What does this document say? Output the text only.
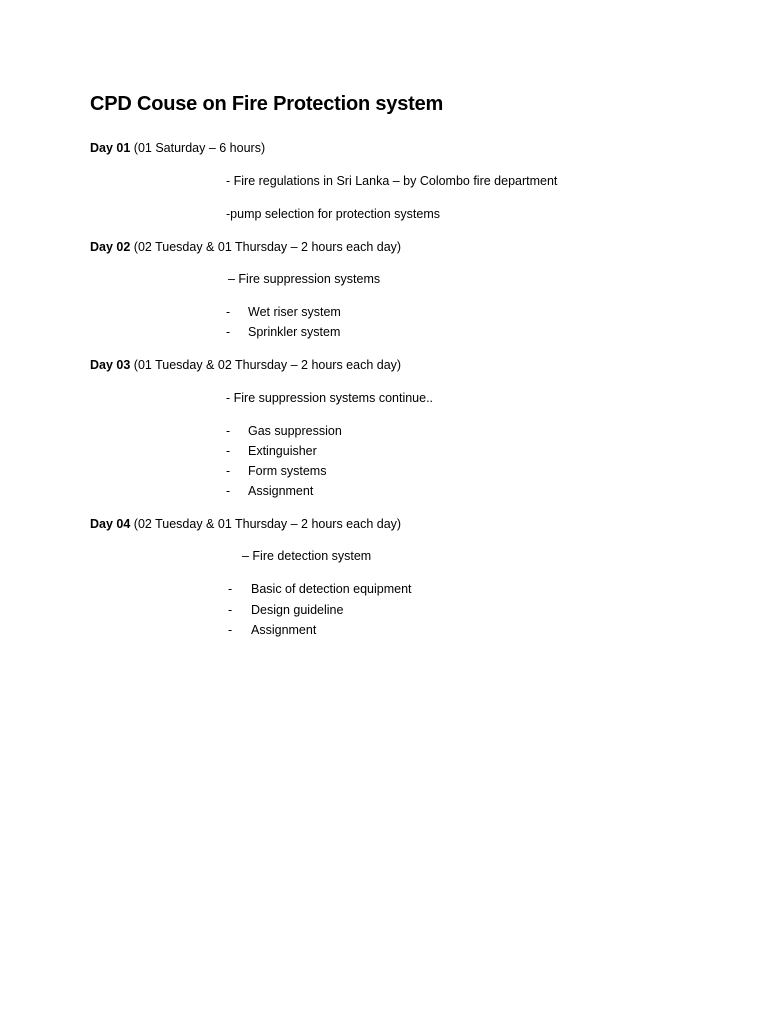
CPD Couse on Fire Protection system
Day 01 (01 Saturday – 6 hours)
- Fire regulations in Sri Lanka – by Colombo fire department
-pump selection for protection systems
Day 02 (02 Tuesday & 01 Thursday – 2 hours each day)
– Fire suppression systems
- Wet riser system
- Sprinkler system
Day 03 (01 Tuesday & 02 Thursday – 2 hours each day)
- Fire suppression systems continue..
- Gas suppression
- Extinguisher
- Form systems
- Assignment
Day 04 (02 Tuesday & 01 Thursday – 2 hours each day)
– Fire detection system
- Basic of detection equipment
- Design guideline
- Assignment
